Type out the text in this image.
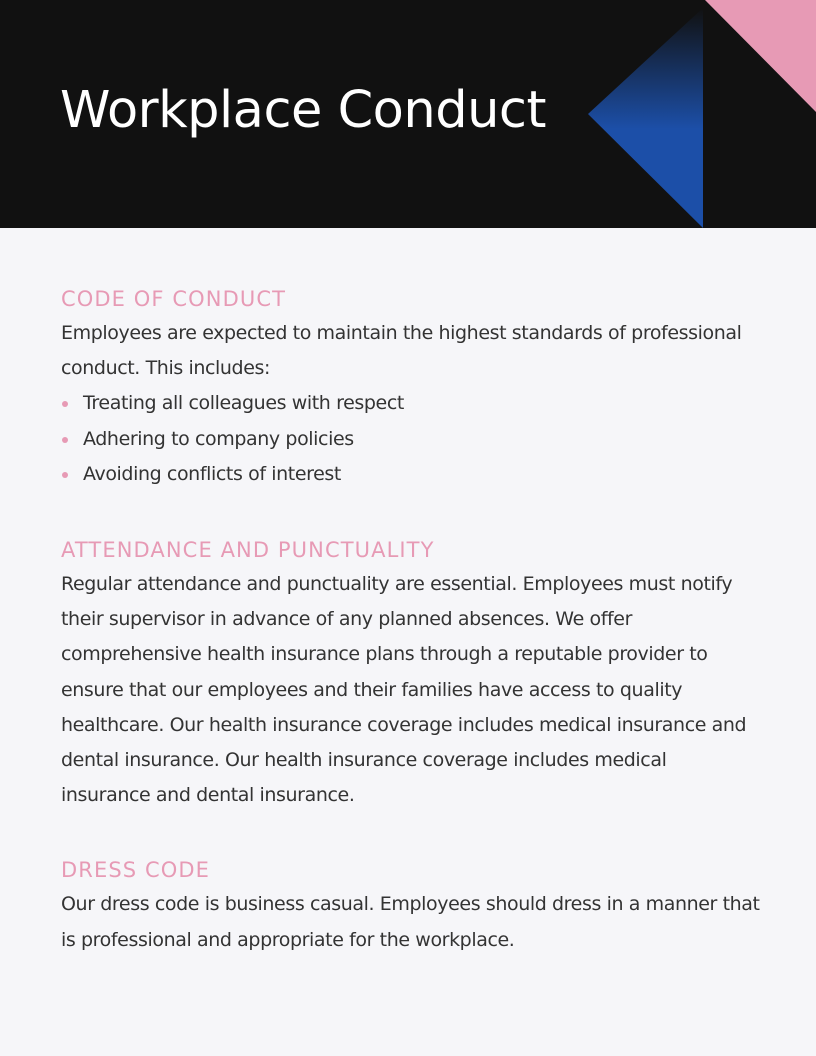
Workplace Conduct
CODE OF CONDUCT

Employees are expected to maintain the highest standards of professional conduct. This includes:

Treating all colleagues with respect
Adhering to company policies
Avoiding conflicts of interest
ATTENDANCE AND PUNCTUALITY

Regular attendance and punctuality are essential. Employees must notify their supervisor in advance of any planned absences. We offer comprehensive health insurance plans through a reputable provider to ensure that our employees and their families have access to quality healthcare. Our health insurance coverage includes medical insurance and dental insurance. Our health insurance coverage includes medical insurance and dental insurance.

DRESS CODE

Our dress code is business casual. Employees should dress in a manner that is professional and appropriate for the workplace.
